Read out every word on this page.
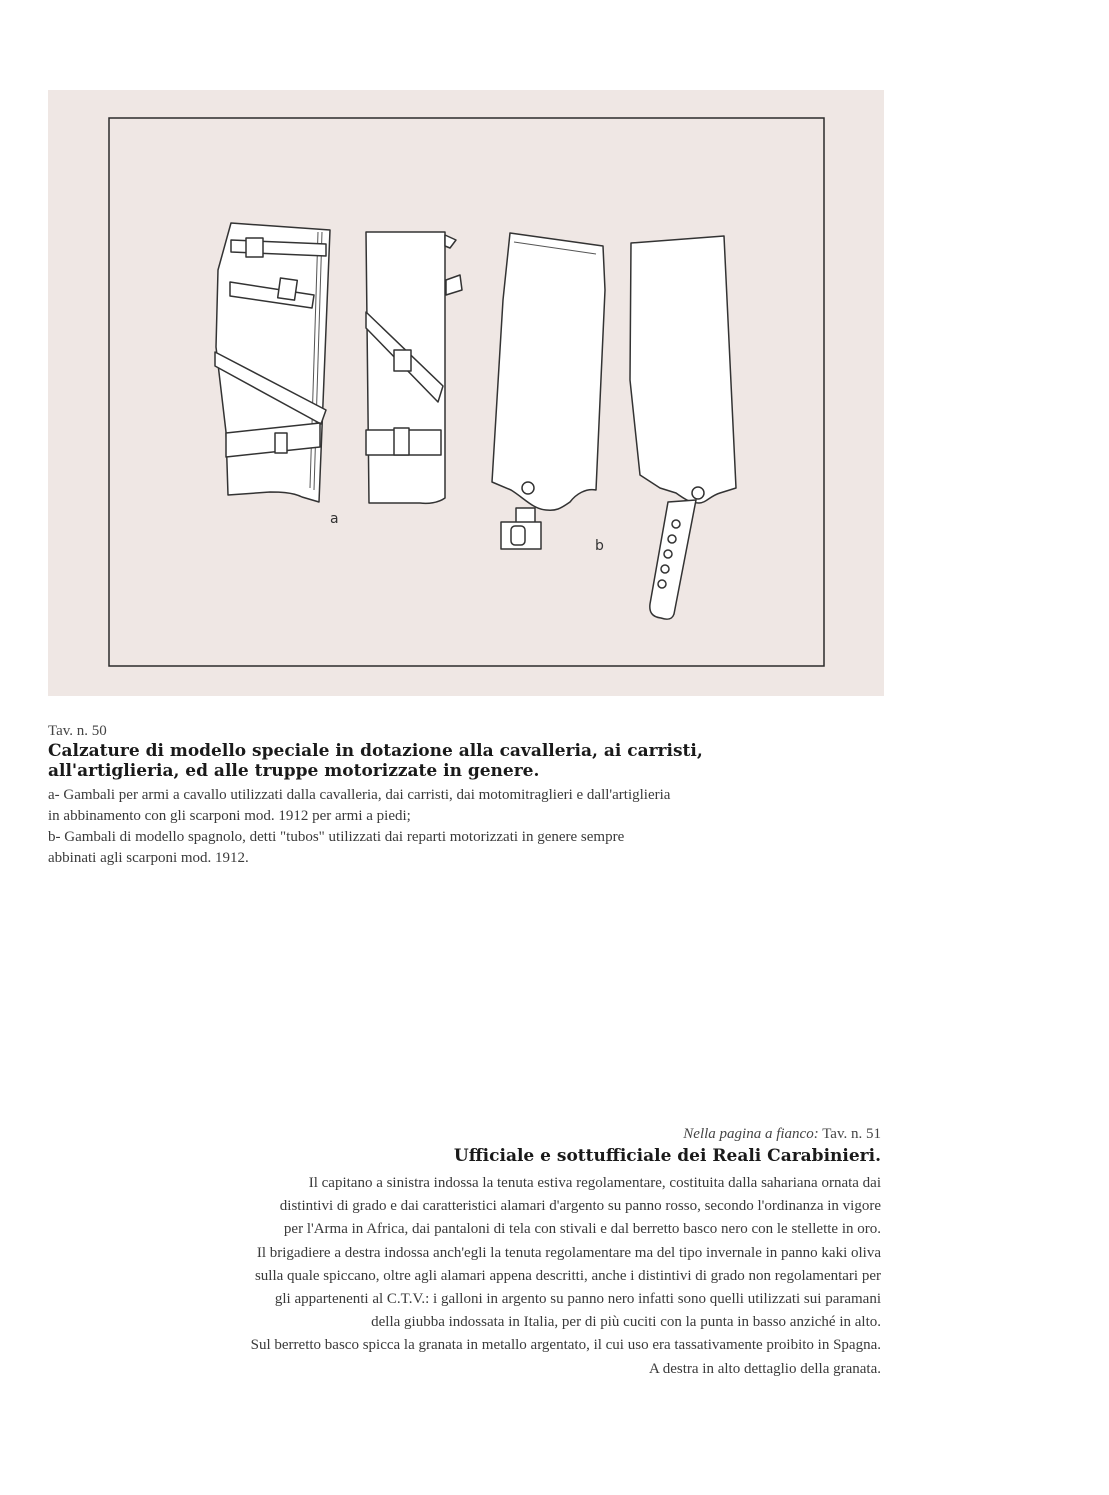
a
b
Tav. n. 50
Calzature di modello speciale in dotazione alla cavalleria, ai carristi, all'artiglieria, ed alle truppe motorizzate in genere.

a- Gambali per armi a cavallo utilizzati dalla cavalleria, dai carristi, dai motomitraglieri e dall'artiglieria

in abbinamento con gli scarponi mod. 1912 per armi a piedi;

b- Gambali di modello spagnolo, detti "tubos" utilizzati dai reparti motorizzati in genere sempre

abbinati agli scarponi mod. 1912.

Nella pagina a fianco: Tav. n. 51
Ufficiale e sottufficiale dei Reali Carabinieri.

Il capitano a sinistra indossa la tenuta estiva regolamentare, costituita dalla sahariana ornata dai

distintivi di grado e dai caratteristici alamari d'argento su panno rosso, secondo l'ordinanza in vigore

per l'Arma in Africa, dai pantaloni di tela con stivali e dal berretto basco nero con le stellette in oro.

Il brigadiere a destra indossa anch'egli la tenuta regolamentare ma del tipo invernale in panno kaki oliva

sulla quale spiccano, oltre agli alamari appena descritti, anche i distintivi di grado non regolamentari per

gli appartenenti al C.T.V.: i galloni in argento su panno nero infatti sono quelli utilizzati sui paramani

della giubba indossata in Italia, per di più cuciti con la punta in basso anziché in alto.

Sul berretto basco spicca la granata in metallo argentato, il cui uso era tassativamente proibito in Spagna.

A destra in alto dettaglio della granata.
